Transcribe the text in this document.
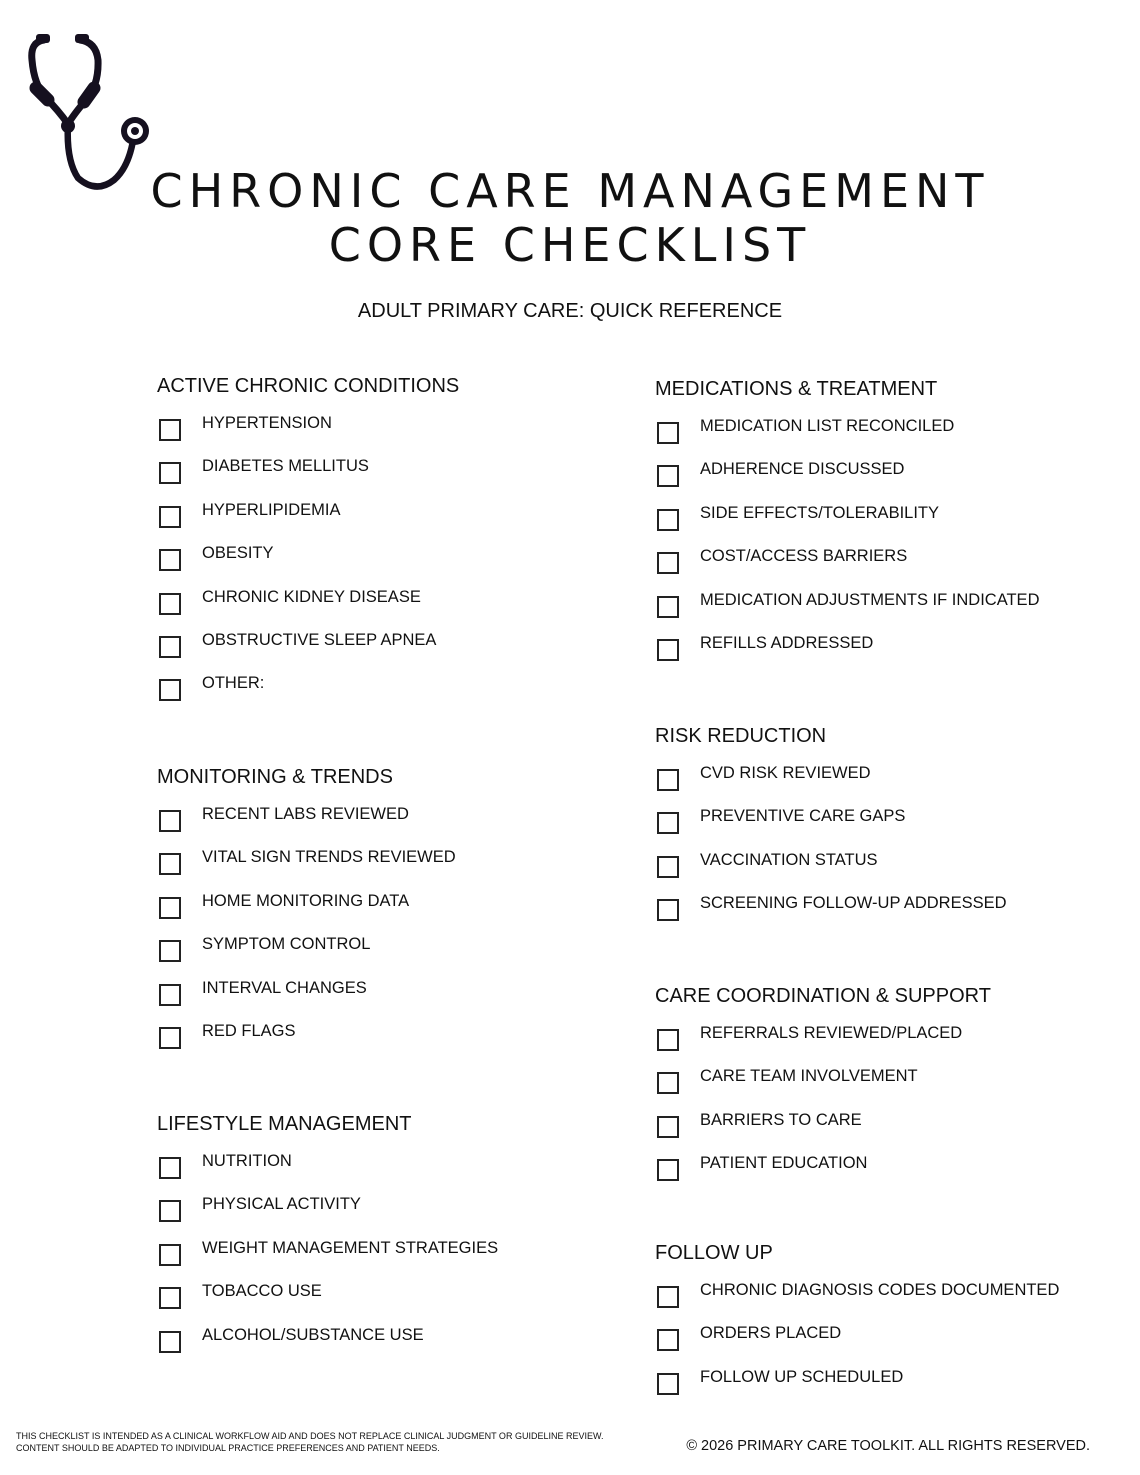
CHRONIC CARE MANAGEMENT
CORE CHECKLIST
ADULT PRIMARY CARE: QUICK REFERENCE
ACTIVE CHRONIC CONDITIONS
HYPERTENSION
DIABETES MELLITUS
HYPERLIPIDEMIA
OBESITY
CHRONIC KIDNEY DISEASE
OBSTRUCTIVE SLEEP APNEA
OTHER:
MONITORING & TRENDS
RECENT LABS REVIEWED
VITAL SIGN TRENDS REVIEWED
HOME MONITORING DATA
SYMPTOM CONTROL
INTERVAL CHANGES
RED FLAGS
LIFESTYLE MANAGEMENT
NUTRITION
PHYSICAL ACTIVITY
WEIGHT MANAGEMENT STRATEGIES
TOBACCO USE
ALCOHOL/SUBSTANCE USE
MEDICATIONS & TREATMENT
MEDICATION LIST RECONCILED
ADHERENCE DISCUSSED
SIDE EFFECTS/TOLERABILITY
COST/ACCESS BARRIERS
MEDICATION ADJUSTMENTS IF INDICATED
REFILLS ADDRESSED
RISK REDUCTION
CVD RISK REVIEWED
PREVENTIVE CARE GAPS
VACCINATION STATUS
SCREENING FOLLOW-UP ADDRESSED
CARE COORDINATION & SUPPORT
REFERRALS REVIEWED/PLACED
CARE TEAM INVOLVEMENT
BARRIERS TO CARE
PATIENT EDUCATION
FOLLOW UP
CHRONIC DIAGNOSIS CODES DOCUMENTED
ORDERS PLACED
FOLLOW UP SCHEDULED
THIS CHECKLIST IS INTENDED AS A CLINICAL WORKFLOW AID AND DOES NOT REPLACE CLINICAL JUDGMENT OR GUIDELINE REVIEW.
CONTENT SHOULD BE ADAPTED TO INDIVIDUAL PRACTICE PREFERENCES AND PATIENT NEEDS.	© 2026 PRIMARY CARE TOOLKIT. ALL RIGHTS RESERVED.
